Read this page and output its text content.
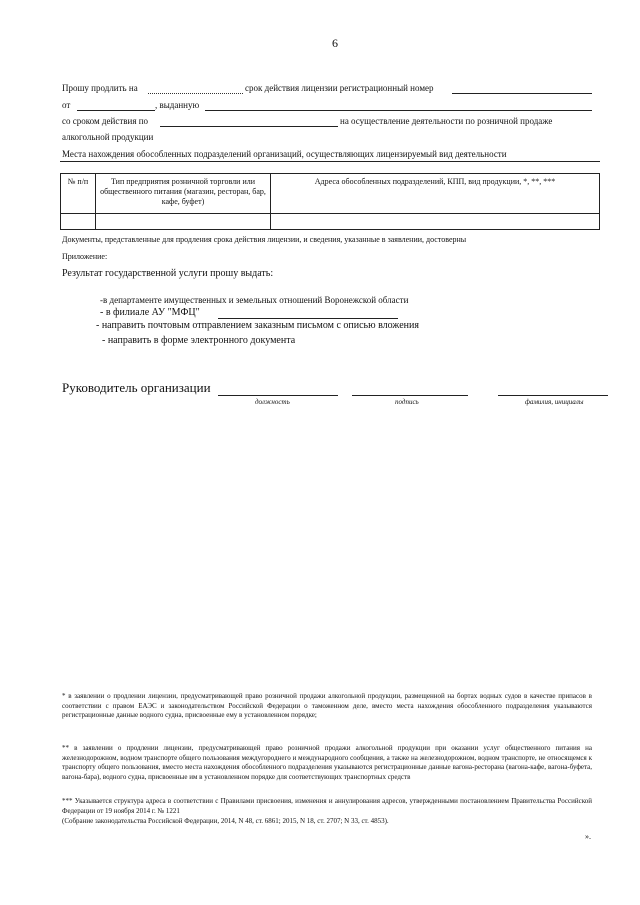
6
Прошу продлить на	срок действия лицензии регистрационный номер
от	, выданную
со сроком действия по	на осуществление деятельности по розничной продаже
алкогольной продукции
Места нахождения обособленных подразделений организаций, осуществляющих лицензируемый вид деятельности
№ п/п	Тип предприятия розничной торговли или общественного питания (магазин, ресторан, бар, кафе, буфет)	Адреса обособленных подразделений, КПП, вид продукции, *, **, ***

Документы, представленные для продления срока действия лицензии, и сведения, указанные в заявлении, достоверны
Приложение:
Результат государственной услуги прошу выдать:
-в департаменте имущественных и земельных отношений Воронежской области
- в филиале АУ "МФЦ"
- направить почтовым отправлением заказным письмом с описью вложения
- направить в форме электронного документа
Руководитель организации
должность	подпись	фамилия, инициалы
* в заявлении о продлении лицензии, предусматривающей право розничной продажи алкогольной продукции, размещенной на бортах водных судов в качестве припасов в соответствии с правом ЕАЭС и законодательством Российской Федерации о таможенном деле, вместо места нахождения обособленного подразделения указываются регистрационные данные водного судна, присвоенные ему в установленном порядке;
** в заявлении о продлении лицензии, предусматривающей право розничной продажи алкогольной продукции при оказании услуг общественного питания на железнодорожном, водном транспорте общего пользования междугороднего и международного сообщения, а также на железнодорожном, водном транспорте, не относящемся к транспорту общего пользования, вместо места нахождения обособленного подразделения указываются регистрационные данные вагона-ресторана (вагона-кафе, вагона-буфета, вагона-бара), водного судна, присвоенные им в установленном порядке для соответствующих транспортных средств
*** Указывается структура адреса в соответствии с Правилами присвоения, изменения и аннулирования адресов, утвержденными постановлением Правительства Российской Федерации от 19 ноября 2014 г. № 1221
(Собрание законодательства Российской Федерации, 2014, N 48, ст. 6861; 2015, N 18, ст. 2707; N 33, ст. 4853).
».
